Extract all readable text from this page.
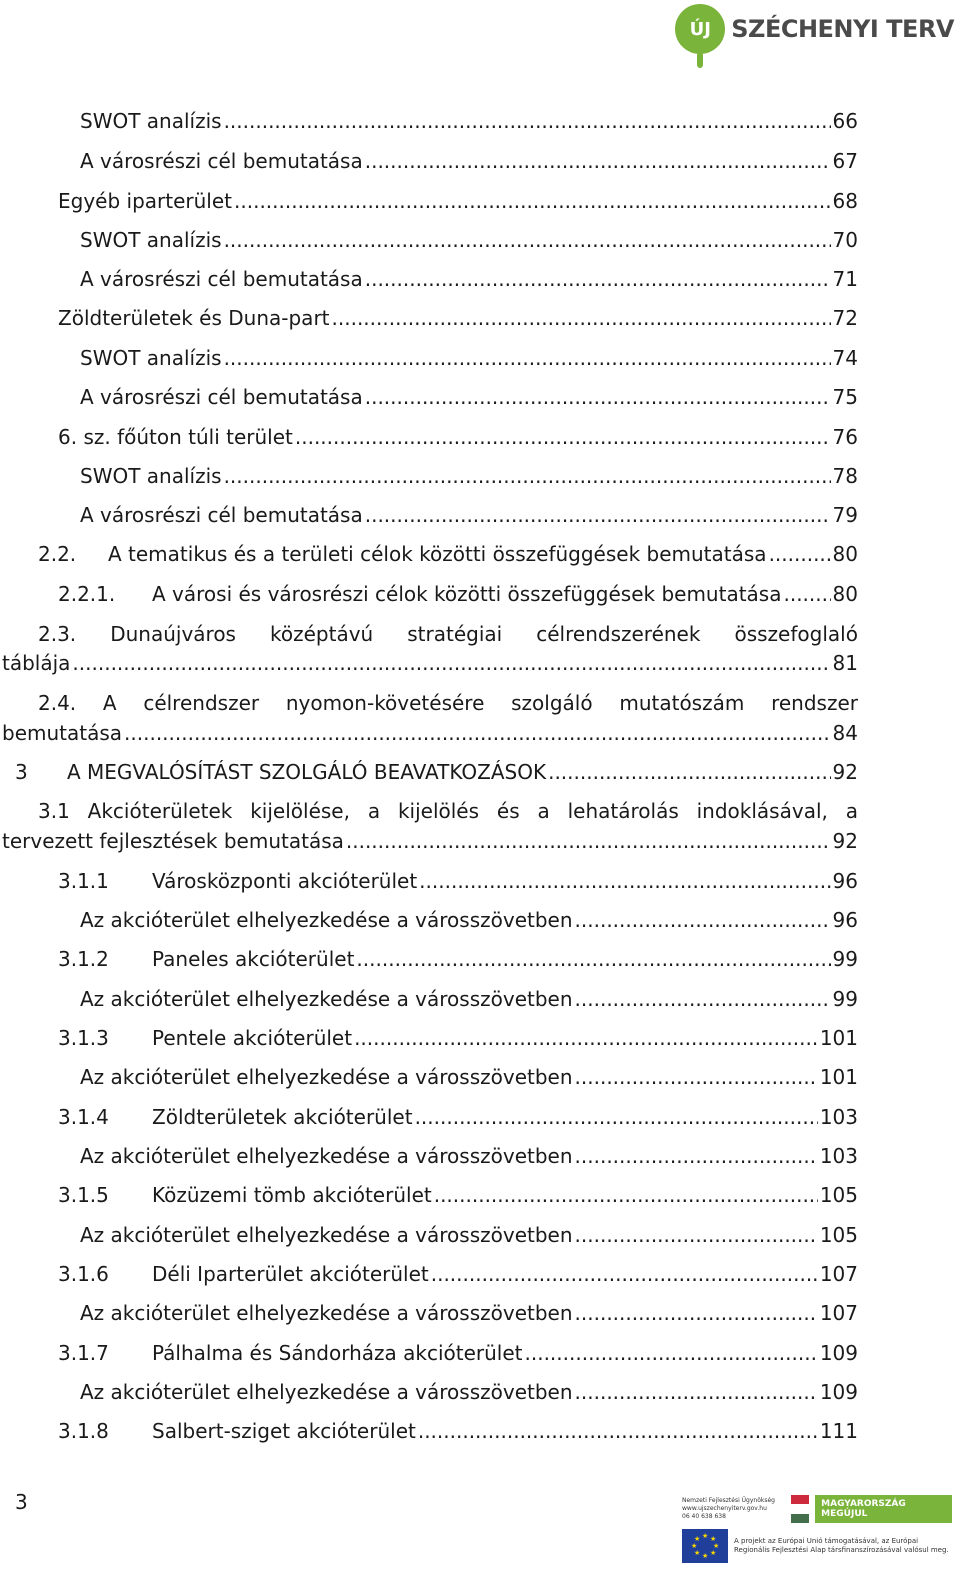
ÚJ SZÉCHENYI TERV
SWOT analízis .....	66
A városrészi cél bemutatása .....	67
Egyéb iparterület .....	68
SWOT analízis .....	70
A városrészi cél bemutatása .....	71
Zöldterületek és Duna-part .....	72
SWOT analízis .....	74
A városrészi cél bemutatása .....	75
6. sz. főúton túli terület .....	76
SWOT analízis .....	78
A városrészi cél bemutatása .....	79
2.2.	A tematikus és a területi célok közötti összefüggések bemutatása .....	80
2.2.1.	A városi és városrészi célok közötti összefüggések bemutatása .....	80
2.3. Dunaújváros középtávú stratégiai célrendszerének összefoglaló
táblája .....	81
2.4. A célrendszer nyomon-követésére szolgáló mutatószám rendszer
bemutatása .....	84
3	A MEGVALÓSÍTÁST SZOLGÁLÓ BEAVATKOZÁSOK .....	92
3.1 Akcióterületek kijelölése, a kijelölés és a lehatárolás indoklásával, a
tervezett fejlesztések bemutatása .....	92
3.1.1	Városközponti akcióterület .....	96
Az akcióterület elhelyezkedése a városszövetben .....	96
3.1.2	Paneles akcióterület .....	99
Az akcióterület elhelyezkedése a városszövetben .....	99
3.1.3	Pentele akcióterület .....	101
Az akcióterület elhelyezkedése a városszövetben .....	101
3.1.4	Zöldterületek akcióterület .....	103
Az akcióterület elhelyezkedése a városszövetben .....	103
3.1.5	Közüzemi tömb akcióterület .....	105
Az akcióterület elhelyezkedése a városszövetben .....	105
3.1.6	Déli Iparterület akcióterület .....	107
Az akcióterület elhelyezkedése a városszövetben .....	107
3.1.7	Pálhalma és Sándorháza akcióterület .....	109
Az akcióterület elhelyezkedése a városszövetben .....	109
3.1.8	Salbert-sziget akcióterület .....	111
3	Nemzeti Fejlesztési Ügynökség
www.ujszechenyiterv.gov.hu
06 40 638 638
MAGYARORSZÁG MEGÚJUL
★ ★
★
★
★
★
★
★	A projekt az Európai Unió támogatásával, az Európai
Regionális Fejlesztési Alap társfinanszírozásával valósul meg.
